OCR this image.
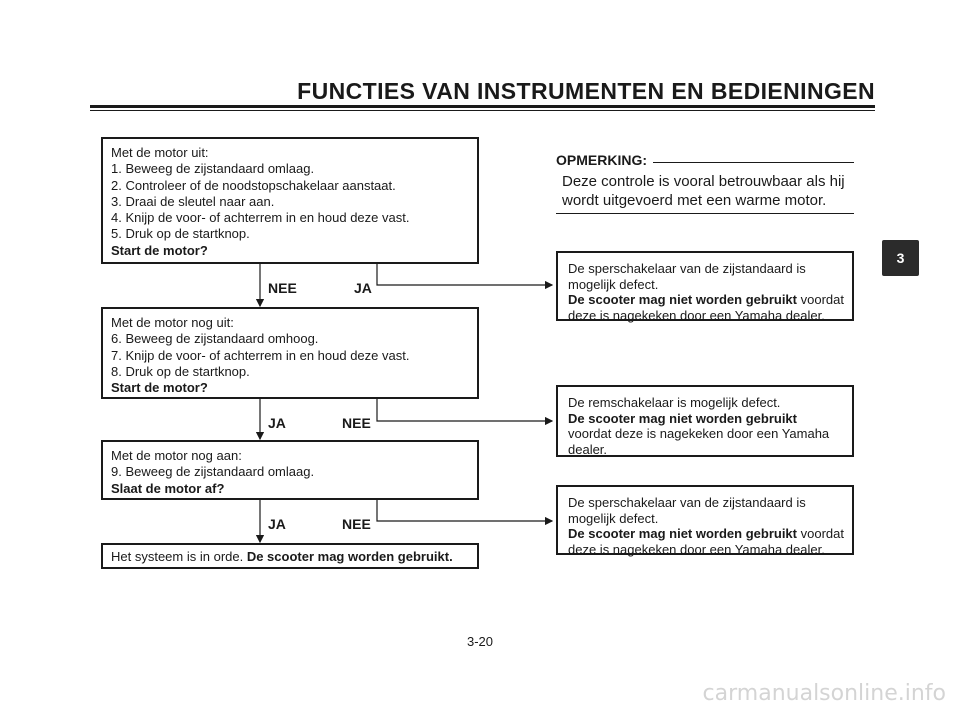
FUNCTIES VAN INSTRUMENTEN EN BEDIENINGEN
3
Met de motor uit:
1. Beweeg de zijstandaard omlaag.
2. Controleer of de noodstopschakelaar aanstaat.
3. Draai de sleutel naar aan.
4. Knijp de voor- of achterrem in en houd deze vast.
5. Druk op de startknop.
Start de motor?
NEE	JA
Met de motor nog uit:
6. Beweeg de zijstandaard omhoog.
7. Knijp de voor- of achterrem in en houd deze vast.
8. Druk op de startknop.
Start de motor?
JA	NEE
Met de motor nog aan:
9. Beweeg de zijstandaard omlaag.
Slaat de motor af?
JA	NEE
Het systeem is in orde. De scooter mag worden gebruikt.
De sperschakelaar van de zijstandaard is
mogelijk defect.
De scooter mag niet worden gebruikt voordat
deze is nagekeken door een Yamaha dealer.
De remschakelaar is mogelijk defect.
De scooter mag niet worden gebruikt
voordat deze is nagekeken door een Yamaha
dealer.
De sperschakelaar van de zijstandaard is
mogelijk defect.
De scooter mag niet worden gebruikt voordat
deze is nagekeken door een Yamaha dealer.
OPMERKING:
Deze controle is vooral betrouwbaar als hij wordt uitgevoerd met een warme motor.
3-20
carmanualsonline.info
